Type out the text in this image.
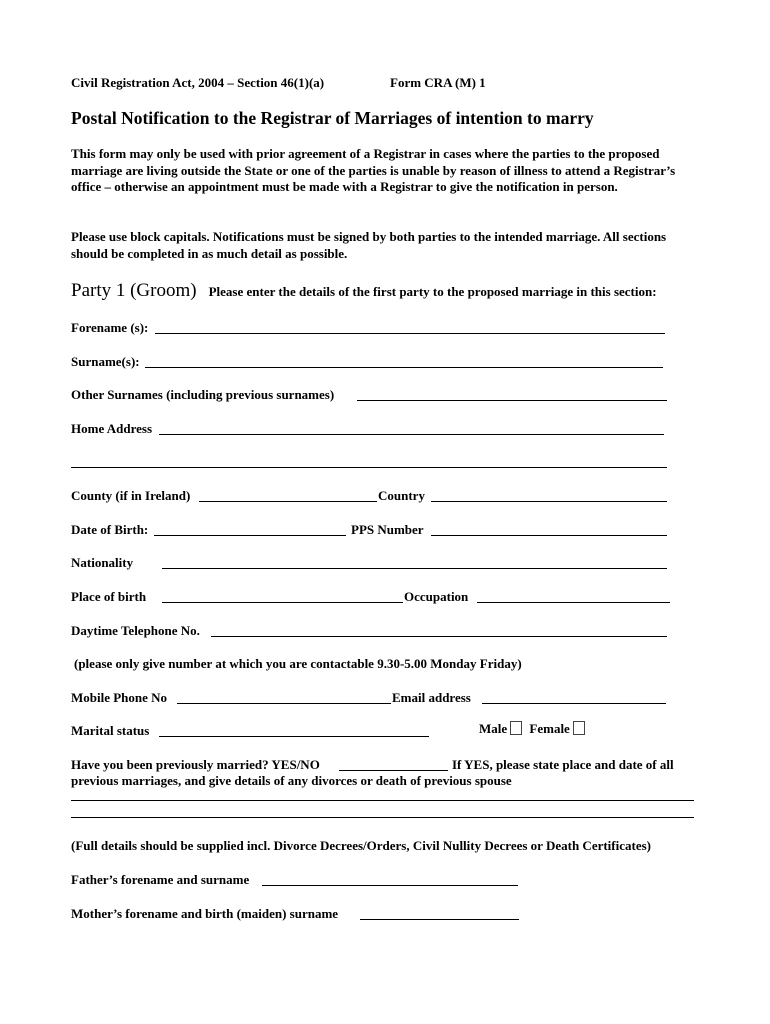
Civil Registration Act, 2004 – Section 46(1)(a)	Form CRA (M) 1
Postal Notification to the Registrar of Marriages of intention to marry
This form may only be used with prior agreement of a Registrar in cases where the parties to the proposed marriage are living outside the State or one of the parties is unable by reason of illness to attend a Registrar’s office – otherwise an appointment must be made with a Registrar to give the notification in person.
Please use block capitals. Notifications must be signed by both parties to the intended marriage. All sections should be completed in as much detail as possible.
Party 1 (Groom) Please enter the details of the first party to the proposed marriage in this section:
Forename (s):
Surname(s):
Other Surnames (including previous surnames)
Home Address
County (if in Ireland)	Country
Date of Birth:	PPS Number
Nationality
Place of birth	Occupation
Daytime Telephone No.
(please only give number at which you are contactable 9.30-5.00 Monday Friday)
Mobile Phone No	Email address
Marital status	Male Female
Have you been previously married? YES/NO	If YES, please state place and date of all
previous marriages, and give details of any divorces or death of previous spouse
(Full details should be supplied incl. Divorce Decrees/Orders, Civil Nullity Decrees or Death Certificates)
Father’s forename and surname
Mother’s forename and birth (maiden) surname
